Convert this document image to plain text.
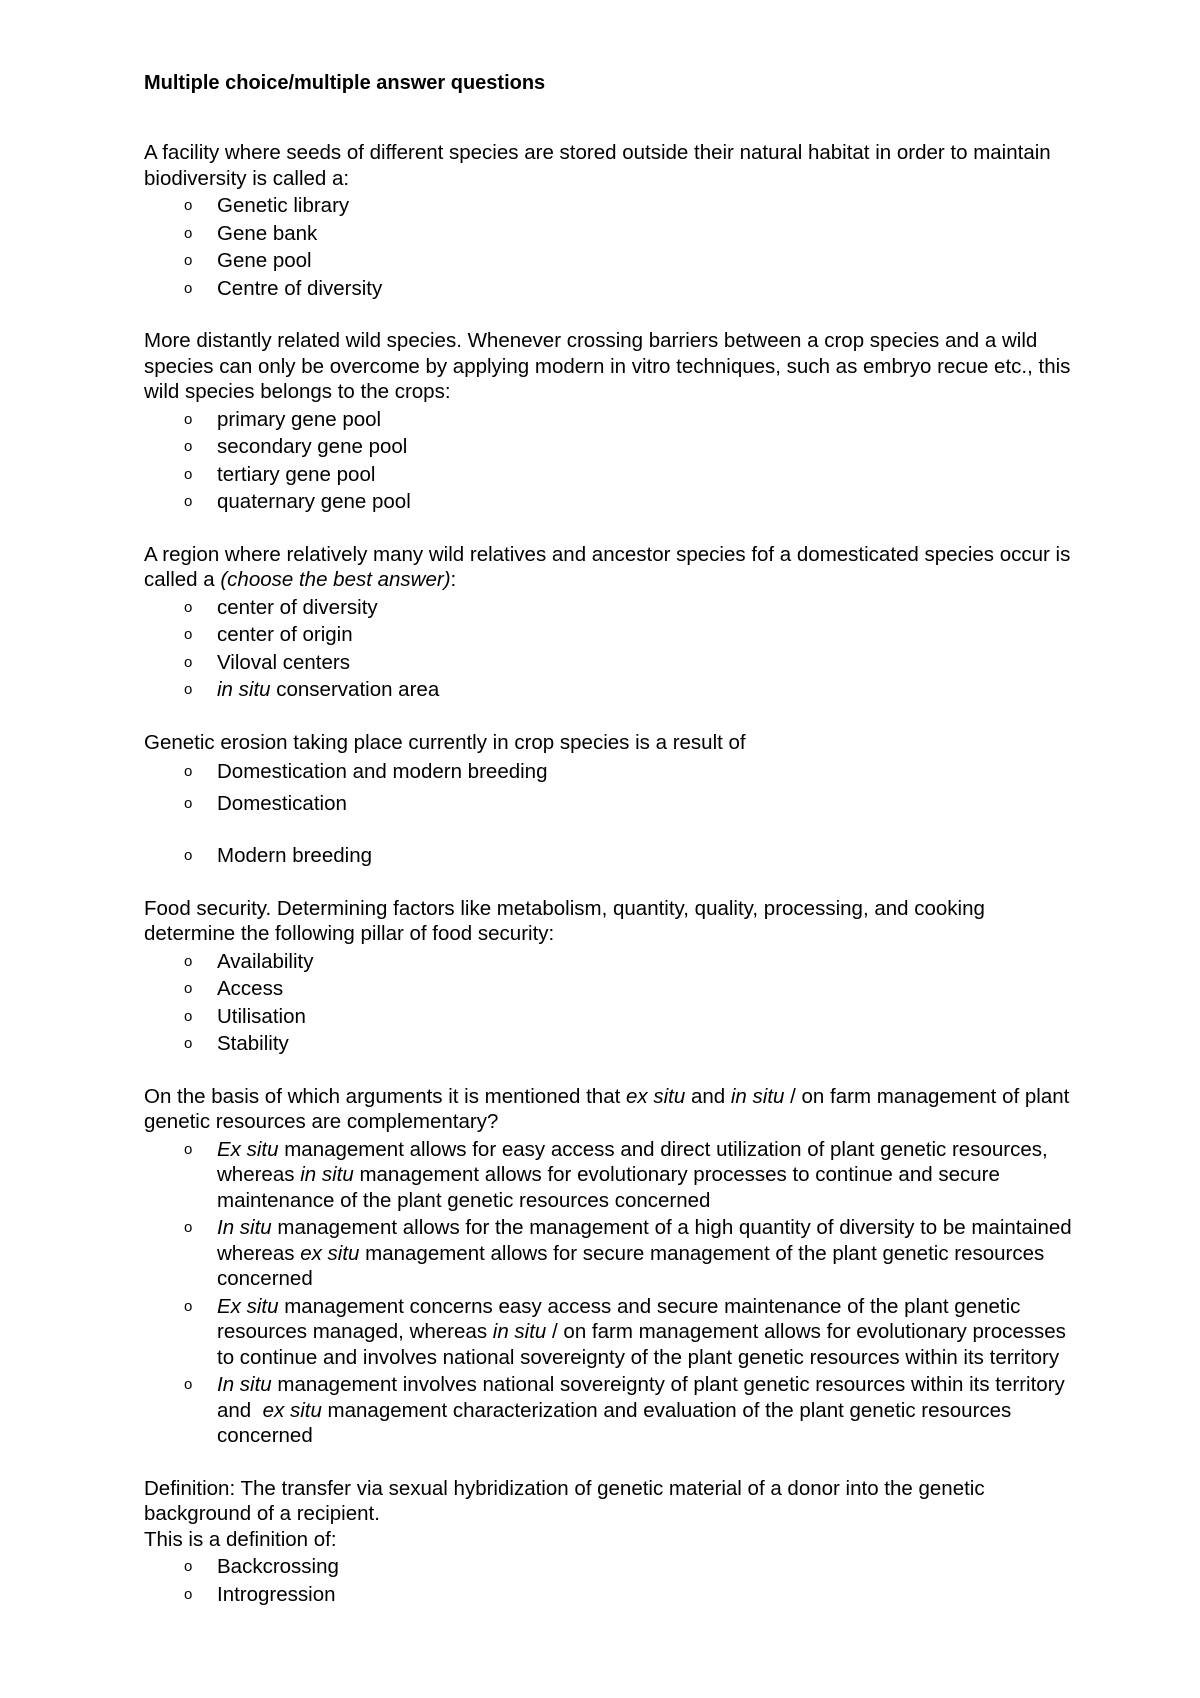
Multiple choice/multiple answer questions

A facility where seeds of different species are stored outside their natural habitat in order to maintain biodiversity is called a:

o Genetic library
o Gene bank
o Gene pool
o Centre of diversity

More distantly related wild species. Whenever crossing barriers between a crop species and a wild species can only be overcome by applying modern in vitro techniques, such as embryo recue etc., this wild species belongs to the crops:

o primary gene pool
o secondary gene pool
o tertiary gene pool
o quaternary gene pool

A region where relatively many wild relatives and ancestor species fof a domesticated species occur is called a (choose the best answer):

o center of diversity
o center of origin
o Viloval centers
o in situ conservation area

Genetic erosion taking place currently in crop species is a result of

o Domestication and modern breeding
o Domestication
o Modern breeding

Food security. Determining factors like metabolism, quantity, quality, processing, and cooking determine the following pillar of food security:

o Availability
o Access
o Utilisation
o Stability

On the basis of which arguments it is mentioned that ex situ and in situ / on farm management of plant genetic resources are complementary?

o Ex situ management allows for easy access and direct utilization of plant genetic resources, whereas in situ management allows for evolutionary processes to continue and secure maintenance of the plant genetic resources concerned
o In situ management allows for the management of a high quantity of diversity to be maintained whereas ex situ management allows for secure management of the plant genetic resources concerned
o Ex situ management concerns easy access and secure maintenance of the plant genetic resources managed, whereas in situ / on farm management allows for evolutionary processes to continue and involves national sovereignty of the plant genetic resources within its territory
o In situ management involves national sovereignty of plant genetic resources within its territory and  ex situ management characterization and evaluation of the plant genetic resources concerned

Definition: The transfer via sexual hybridization of genetic material of a donor into the genetic background of a recipient.

This is a definition of:

o Backcrossing
o Introgression
